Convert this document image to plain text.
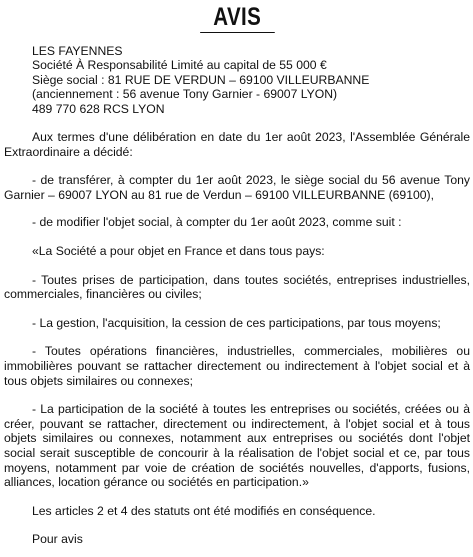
AVIS
LES FAYENNES
Société À Responsabilité Limité au capital de 55 000 €
Siège social : 81 RUE DE VERDUN – 69100 VILLEURBANNE
(anciennement : 56 avenue Tony Garnier - 69007 LYON)
489 770 628 RCS LYON

Aux termes d'une délibération en date du 1er août 2023, l'Assemblée Générale Extraordinaire a décidé:

- de transférer, à compter du 1er août 2023, le siège social du 56 avenue Tony Garnier – 69007 LYON au 81 rue de Verdun – 69100 VILLEURBANNE (69100),

- de modifier l'objet social, à compter du 1er août 2023, comme suit :

«La Société a pour objet en France et dans tous pays:

- Toutes prises de participation, dans toutes sociétés, entreprises industrielles, commerciales, financières ou civiles;

- La gestion, l'acquisition, la cession de ces participations, par tous moyens;

- Toutes opérations financières, industrielles, commerciales, mobilières ou immobilières pouvant se rattacher directement ou indirectement à l'objet social et à tous objets similaires ou connexes;

- La participation de la société à toutes les entreprises ou sociétés, créées ou à créer, pouvant se rattacher, directement ou indirectement, à l'objet social et à tous objets similaires ou connexes, notamment aux entreprises ou sociétés dont l'objet social serait susceptible de concourir à la réalisation de l'objet social et ce, par tous moyens, notamment par voie de création de sociétés nouvelles, d'apports, fusions, alliances, location gérance ou sociétés en participation.»

Les articles 2 et 4 des statuts ont été modifiés en conséquence.

Pour avis
